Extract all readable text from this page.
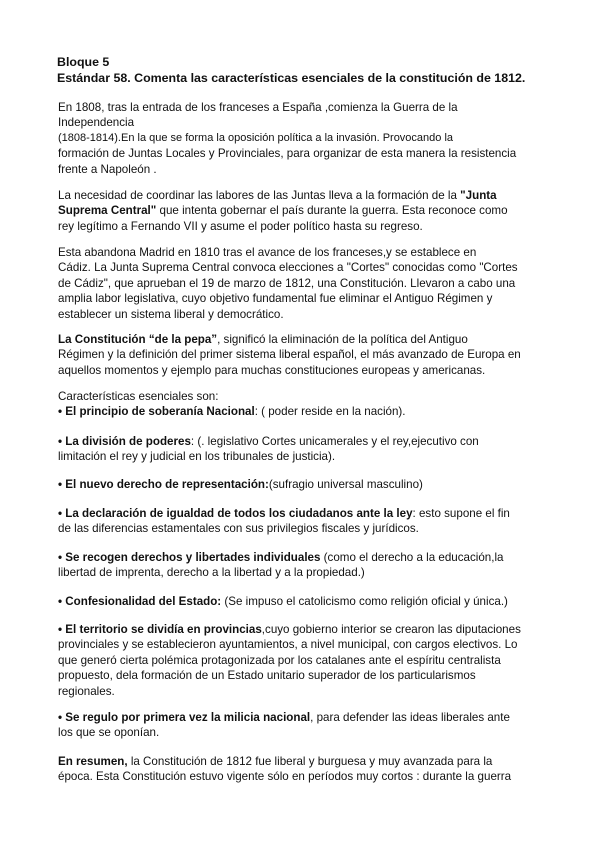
Bloque 5
Estándar 58. Comenta las características esenciales de la constitución de 1812.
En 1808, tras la entrada de los franceses a España ,comienza la Guerra de la
Independencia
(1808-1814).En la que se forma la oposición política a la invasión. Provocando la
formación de Juntas Locales y Provinciales, para organizar de esta manera la resistencia
frente a Napoleón .
La necesidad de coordinar las labores de las Juntas lleva a la formación de la "Junta
Suprema Central" que intenta gobernar el país durante la guerra. Esta reconoce como
rey legítimo a Fernando VII y asume el poder político hasta su regreso.
Esta abandona Madrid en 1810 tras el avance de los franceses,y se establece en
Cádiz. La Junta Suprema Central convoca elecciones a "Cortes" conocidas como "Cortes
de Cádiz", que aprueban el 19 de marzo de 1812, una Constitución. Llevaron a cabo una
amplia labor legislativa, cuyo objetivo fundamental fue eliminar el Antiguo Régimen y
establecer un sistema liberal y democrático.
La Constitución “de la pepa”, significó la eliminación de la política del Antiguo
Régimen y la definición del primer sistema liberal español, el más avanzado de Europa en
aquellos momentos y ejemplo para muchas constituciones europeas y americanas.
Características esenciales son:
• El principio de soberanía Nacional: ( poder reside en la nación).
• La división de poderes: (. legislativo Cortes unicamerales y el rey,ejecutivo con
limitación el rey y judicial en los tribunales de justicia).
• El nuevo derecho de representación:(sufragio universal masculino)
• La declaración de igualdad de todos los ciudadanos ante la ley: esto supone el fin
de las diferencias estamentales con sus privilegios fiscales y jurídicos.
• Se recogen derechos y libertades individuales (como el derecho a la educación,la
libertad de imprenta, derecho a la libertad y a la propiedad.)
• Confesionalidad del Estado: (Se impuso el catolicismo como religión oficial y única.)
• El territorio se dividía en provincias,cuyo gobierno interior se crearon las diputaciones
provinciales y se establecieron ayuntamientos, a nivel municipal, con cargos electivos. Lo
que generó cierta polémica protagonizada por los catalanes ante el espíritu centralista
propuesto, dela formación de un Estado unitario superador de los particularismos
regionales.
• Se regulo por primera vez la milicia nacional, para defender las ideas liberales ante
los que se oponían.
En resumen, la Constitución de 1812 fue liberal y burguesa y muy avanzada para la
época. Esta Constitución estuvo vigente sólo en períodos muy cortos : durante la guerra
